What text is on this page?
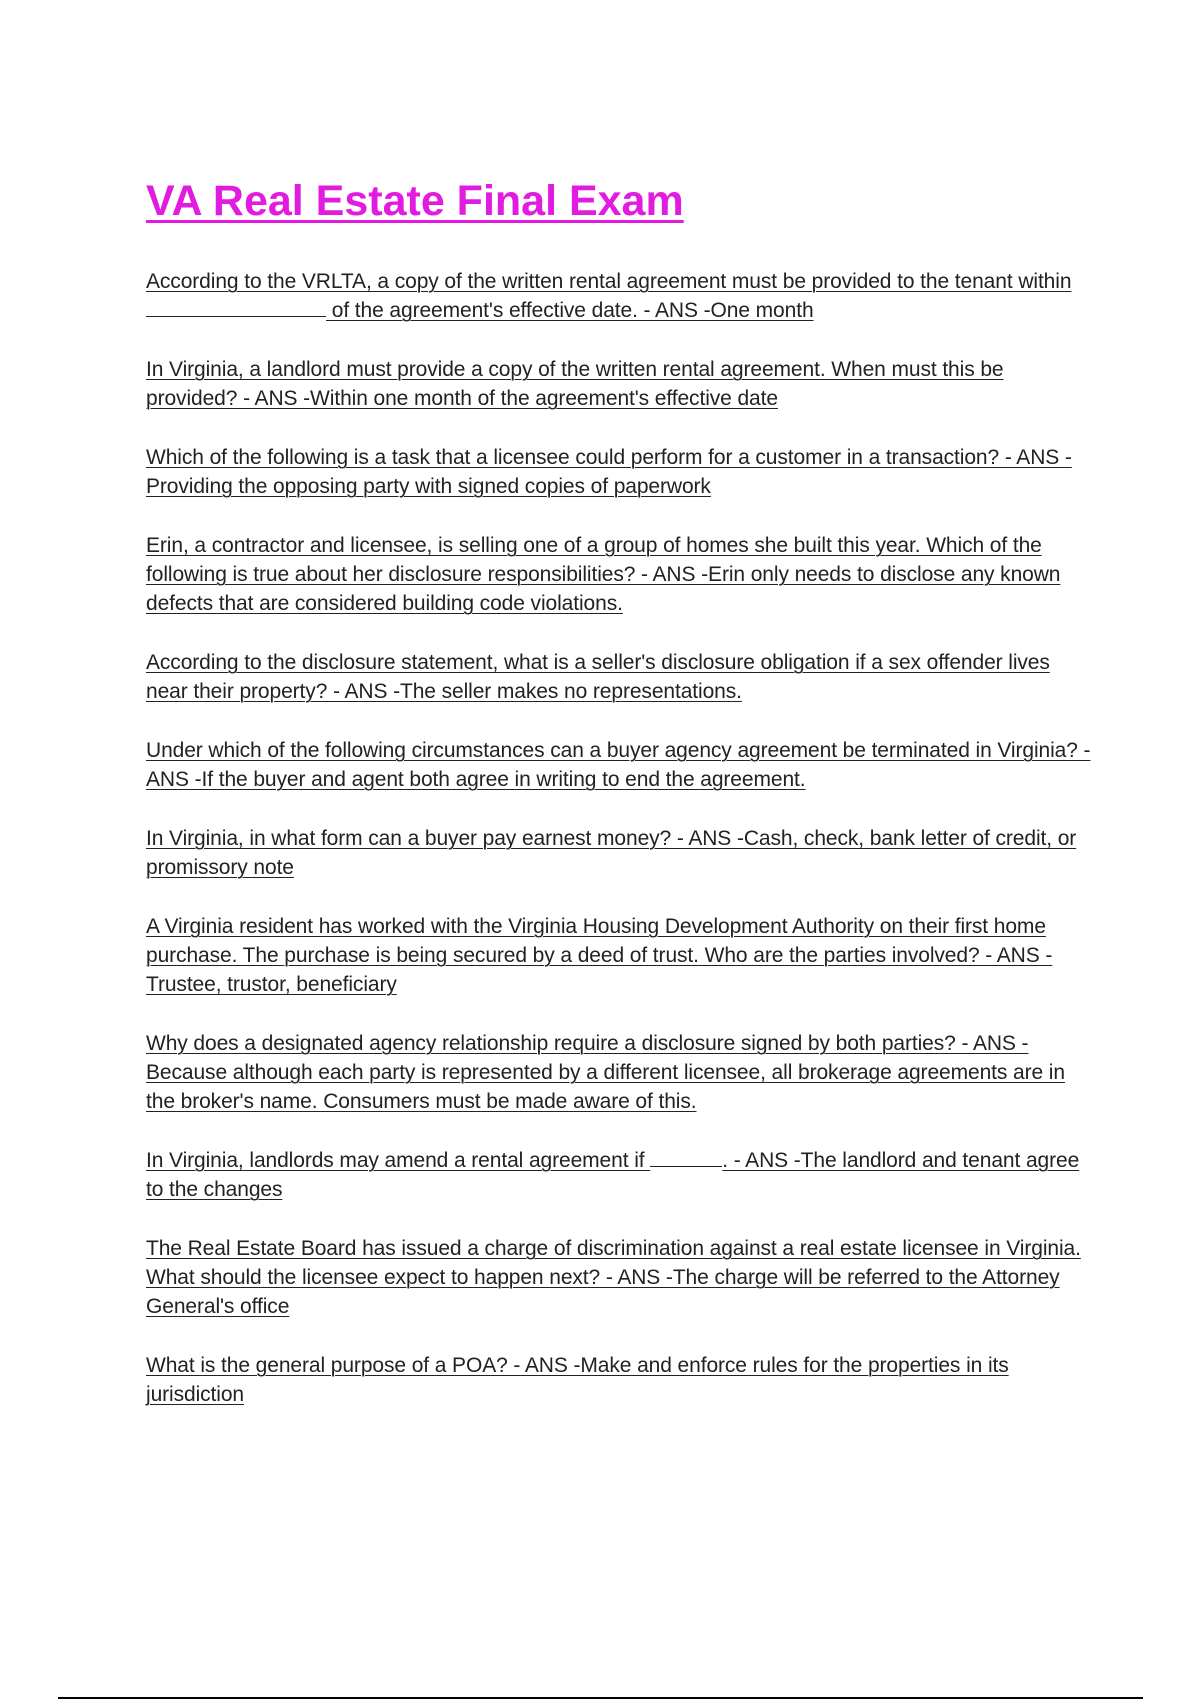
VA Real Estate Final Exam

According to the VRLTA, a copy of the written rental agreement must be provided to the tenant within  of the agreement's effective date. - ANS -One month

In Virginia, a landlord must provide a copy of the written rental agreement. When must this be provided? - ANS -Within one month of the agreement's effective date

Which of the following is a task that a licensee could perform for a customer in a transaction? - ANS -Providing the opposing party with signed copies of paperwork

Erin, a contractor and licensee, is selling one of a group of homes she built this year. Which of the following is true about her disclosure responsibilities? - ANS -Erin only needs to disclose any known defects that are considered building code violations.

According to the disclosure statement, what is a seller's disclosure obligation if a sex offender lives near their property? - ANS -The seller makes no representations.

Under which of the following circumstances can a buyer agency agreement be terminated in Virginia? - ANS -If the buyer and agent both agree in writing to end the agreement.

In Virginia, in what form can a buyer pay earnest money? - ANS -Cash, check, bank letter of credit, or promissory note

A Virginia resident has worked with the Virginia Housing Development Authority on their first home purchase. The purchase is being secured by a deed of trust. Who are the parties involved? - ANS -Trustee, trustor, beneficiary

Why does a designated agency relationship require a disclosure signed by both parties? - ANS -Because although each party is represented by a different licensee, all brokerage agreements are in the broker's name. Consumers must be made aware of this.

In Virginia, landlords may amend a rental agreement if	. - ANS -The landlord and tenant agree to the changes

The Real Estate Board has issued a charge of discrimination against a real estate licensee in Virginia. What should the licensee expect to happen next? - ANS -The charge will be referred to the Attorney General's office

What is the general purpose of a POA? - ANS -Make and enforce rules for the properties in its jurisdiction
